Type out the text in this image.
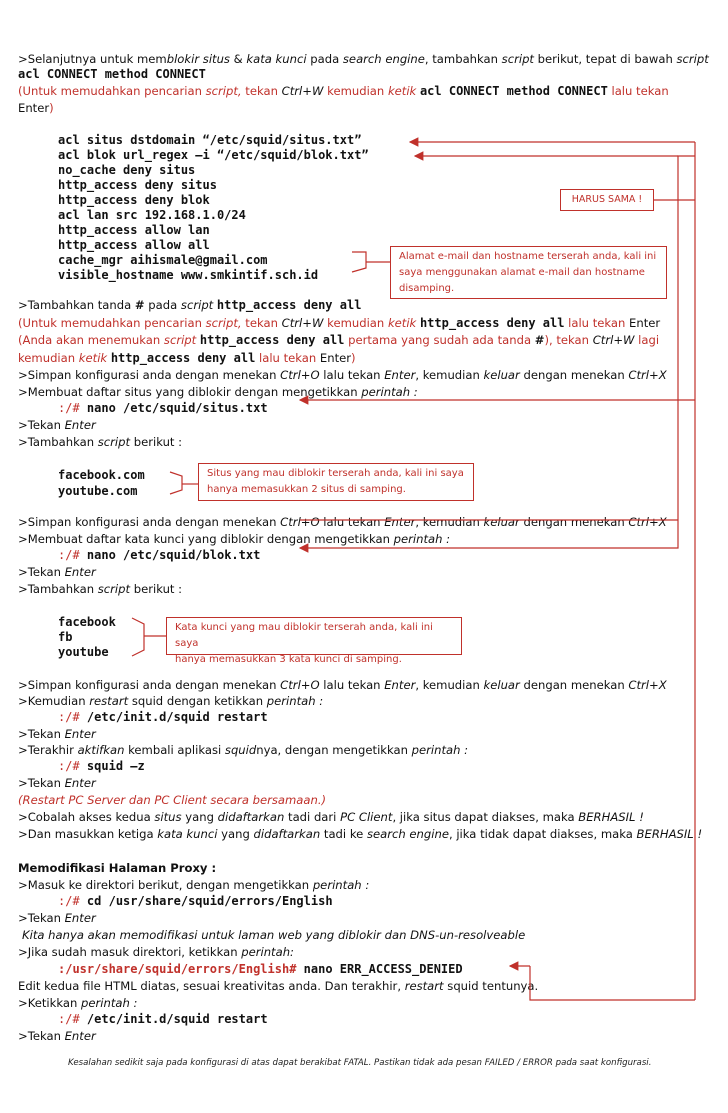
>Selanjutnya untuk memblokir situs & kata kunci pada search engine, tambahkan script berikut, tepat di bawah script
acl CONNECT method CONNECT
(Untuk memudahkan pencarian script, tekan Ctrl+W kemudian ketik acl CONNECT method CONNECT lalu tekan
Enter)
acl situs dstdomain “/etc/squid/situs.txt”
acl blok url_regex –i “/etc/squid/blok.txt”
no_cache deny situs
http_access deny situs
http_access deny blok
acl lan src 192.168.1.0/24
http_access allow lan
http_access allow all
cache_mgr aihismale@gmail.com
visible_hostname www.smkintif.sch.id
HARUS SAMA !
Alamat e-mail dan hostname terserah anda, kali ini
saya menggunakan alamat e-mail dan hostname
disamping.
>Tambahkan tanda # pada script http_access deny all
(Untuk memudahkan pencarian script, tekan Ctrl+W kemudian ketik http_access deny all lalu tekan Enter
(Anda akan menemukan script http_access deny all pertama yang sudah ada tanda #), tekan Ctrl+W lagi
kemudian ketik http_access deny all lalu tekan Enter)
>Simpan konfigurasi anda dengan menekan Ctrl+O lalu tekan Enter, kemudian keluar dengan menekan Ctrl+X
>Membuat daftar situs yang diblokir dengan mengetikkan perintah :
:/# nano /etc/squid/situs.txt
>Tekan Enter
>Tambahkan script berikut :
facebook.com
youtube.com
Situs yang mau diblokir terserah anda, kali ini saya
hanya memasukkan 2 situs di samping.
>Simpan konfigurasi anda dengan menekan Ctrl+O lalu tekan Enter, kemudian keluar dengan menekan Ctrl+X
>Membuat daftar kata kunci yang diblokir dengan mengetikkan perintah :
:/# nano /etc/squid/blok.txt
>Tekan Enter
>Tambahkan script berikut :
facebook
fb
youtube
Kata kunci yang mau diblokir terserah anda, kali ini saya
hanya memasukkan 3 kata kunci di samping.
>Simpan konfigurasi anda dengan menekan Ctrl+O lalu tekan Enter, kemudian keluar dengan menekan Ctrl+X
>Kemudian restart squid dengan ketikkan perintah :
:/# /etc/init.d/squid restart
>Tekan Enter
>Terakhir aktifkan kembali aplikasi squidnya, dengan mengetikkan perintah :
:/# squid –z
>Tekan Enter
(Restart PC Server dan PC Client secara bersamaan.)
>Cobalah akses kedua situs yang didaftarkan tadi dari PC Client, jika situs dapat diakses, maka BERHASIL !
>Dan masukkan ketiga kata kunci yang didaftarkan tadi ke search engine, jika tidak dapat diakses, maka BERHASIL !
Memodifikasi Halaman Proxy :
>Masuk ke direktori berikut, dengan mengetikkan perintah :
:/# cd /usr/share/squid/errors/English
>Tekan Enter
Kita hanya akan memodifikasi untuk laman web yang diblokir dan DNS-un-resolveable
>Jika sudah masuk direktori, ketikkan perintah:
:/usr/share/squid/errors/English# nano ERR_ACCESS_DENIED
Edit kedua file HTML diatas, sesuai kreativitas anda. Dan terakhir, restart squid tentunya.
>Ketikkan perintah :
:/# /etc/init.d/squid restart
>Tekan Enter
Kesalahan sedikit saja pada konfigurasi di atas dapat berakibat FATAL. Pastikan tidak ada pesan FAILED / ERROR pada saat konfigurasi.
